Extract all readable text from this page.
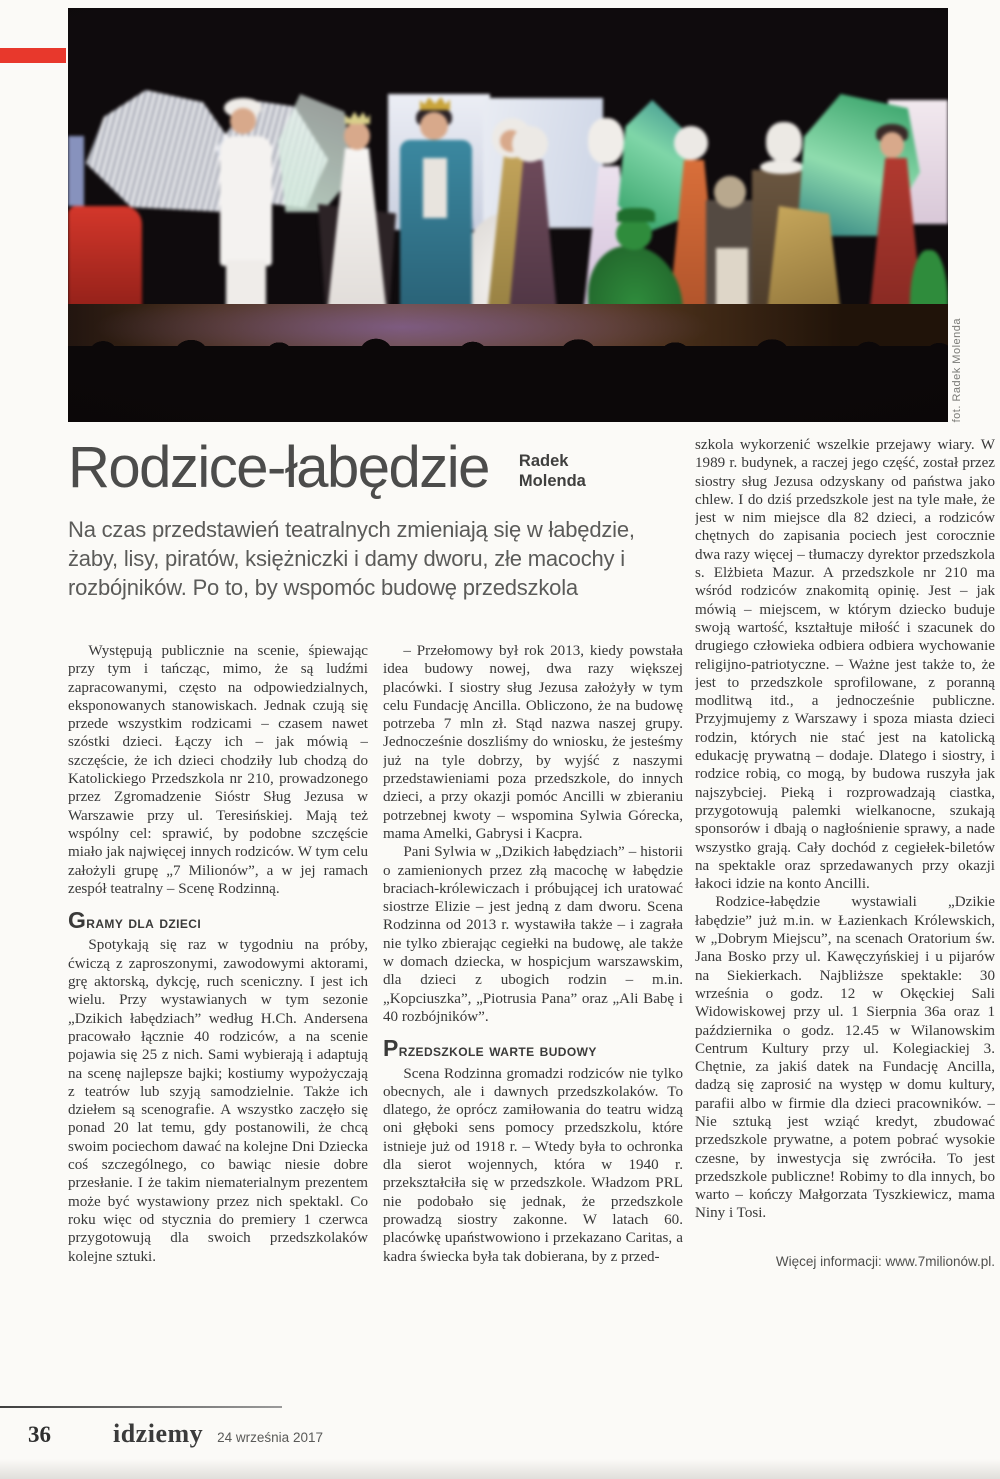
fot. Radek Molenda
Rodzice-łabędzie Radek Molenda
Na czas przedstawień teatralnych zmieniają się w łabędzie, żaby, lisy, piratów, księżniczki i damy dworu, złe macochy i rozbójników. Po to, by wspomóc budowę przedszkola

Występują publicznie na scenie, śpiewając przy tym i tańcząc, mimo, że są ludźmi zapracowanymi, często na odpowiedzialnych, eksponowanych stanowiskach. Jednak czują się przede wszystkim rodzicami – czasem nawet szóstki dzieci. Łączy ich – jak mówią – szczęście, że ich dzieci chodziły lub chodzą do Katolickiego Przedszkola nr 210, prowadzonego przez Zgromadzenie Sióstr Sług Jezusa w Warszawie przy ul. Teresińskiej. Mają też wspólny cel: sprawić, by podobne szczęście miało jak najwięcej innych rodziców. W tym celu założyli grupę „7 Milionów”, a w jej ramach zespół teatralny – Scenę Rodzinną.

Gramy dla dzieci

Spotykają się raz w tygodniu na próby, ćwiczą z zaproszonymi, zawodowymi aktorami, grę aktorską, dykcję, ruch sceniczny. I jest ich wielu. Przy wystawianych w tym sezonie „Dzikich łabędziach” według H.Ch. Andersena pracowało łącznie 40 rodziców, a na scenie pojawia się 25 z nich. Sami wybierają i adaptują na scenę najlepsze bajki; kostiumy wypożyczają z teatrów lub szyją samodzielnie. Także ich dziełem są scenografie. A wszystko zaczęło się ponad 20 lat temu, gdy postanowili, że chcą swoim pociechom dawać na kolejne Dni Dziecka coś szczególnego, co bawiąc niesie dobre przesłanie. I że takim niematerialnym prezentem może być wystawiony przez nich spektakl. Co roku więc od stycznia do premiery 1 czerwca przygotowują dla swoich przedszkolaków kolejne sztuki.

– Przełomowy był rok 2013, kiedy powstała idea budowy nowej, dwa razy większej placówki. I siostry sług Jezusa założyły w tym celu Fundację Ancilla. Obliczono, że na budowę potrzeba 7 mln zł. Stąd nazwa naszej grupy. Jednocześnie doszliśmy do wniosku, że jesteśmy już na tyle dobrzy, by wyjść z naszymi przedstawieniami poza przedszkole, do innych dzieci, a przy okazji pomóc Ancilli w zbieraniu potrzebnej kwoty – wspomina Sylwia Górecka, mama Amelki, Gabrysi i Kacpra.

Pani Sylwia w „Dzikich łabędziach” – historii o zamienionych przez złą macochę w łabędzie braciach-królewiczach i próbującej ich uratować siostrze Elizie – jest jedną z dam dworu. Scena Rodzinna od 2013 r. wystawiła także – i zagrała nie tylko zbierając cegiełki na budowę, ale także w domach dziecka, w hospicjum warszawskim, dla dzieci z ubogich rodzin – m.in. „Kopciuszka”, „Piotrusia Pana” oraz „Ali Babę i 40 rozbójników”.

Przedszkole warte budowy

Scena Rodzinna gromadzi rodziców nie tylko obecnych, ale i dawnych przedszkolaków. To dlatego, że oprócz zamiłowania do teatru widzą oni głęboki sens pomocy przedszkolu, które istnieje już od 1918 r. – Wtedy była to ochronka dla sierot wojennych, która w 1940 r. przekształciła się w przedszkole. Władzom PRL nie podobało się jednak, że przedszkole prowadzą siostry zakonne. W latach 60. placówkę upaństwowiono i przekazano Caritas, a kadra świecka była tak dobierana, by z przed-

szkola wykorzenić wszelkie przejawy wiary. W 1989 r. budynek, a raczej jego część, został przez siostry sług Jezusa odzyskany od państwa jako chlew. I do dziś przedszkole jest na tyle małe, że jest w nim miejsce dla 82 dzieci, a rodziców chętnych do zapisania pociech jest corocznie dwa razy więcej – tłumaczy dyrektor przedszkola s. Elżbieta Mazur. A przedszkole nr 210 ma wśród rodziców znakomitą opinię. Jest – jak mówią – miejscem, w którym dziecko buduje swoją wartość, kształtuje miłość i szacunek do drugiego człowieka odbiera odbiera wychowanie religijno-patriotyczne. – Ważne jest także to, że jest to przedszkole sprofilowane, z poranną modlitwą itd., a jednocześnie publiczne. Przyjmujemy z Warszawy i spoza miasta dzieci rodzin, których nie stać jest na katolicką edukację prywatną – dodaje. Dlatego i siostry, i rodzice robią, co mogą, by budowa ruszyła jak najszybciej. Pieką i rozprowadzają ciastka, przygotowują palemki wielkanocne, szukają sponsorów i dbają o nagłośnienie sprawy, a nade wszystko grają. Cały dochód z cegiełek-biletów na spektakle oraz sprzedawanych przy okazji łakoci idzie na konto Ancilli.

Rodzice-łabędzie wystawiali „Dzikie łabędzie” już m.in. w Łazienkach Królewskich, w „Dobrym Miejscu”, na scenach Oratorium św. Jana Bosko przy ul. Kawęczyńskiej i u pijarów na Siekierkach. Najbliższe spektakle: 30 września o godz. 12 w Okęckiej Sali Widowiskowej przy ul. 1 Sierpnia 36a oraz 1 października o godz. 12.45 w Wilanowskim Centrum Kultury przy ul. Kolegiackiej 3. Chętnie, za jakiś datek na Fundację Ancilla, dadzą się zaprosić na występ w domu kultury, parafii albo w firmie dla dzieci pracowników. – Nie sztuką jest wziąć kredyt, zbudować przedszkole prywatne, a potem pobrać wysokie czesne, by inwestycja się zwróciła. To jest przedszkole publiczne! Robimy to dla innych, bo warto – kończy Małgorzata Tyszkiewicz, mama Niny i Tosi.

Więcej informacji: www.7milionów.pl.

36 idziemy 24 września 2017
